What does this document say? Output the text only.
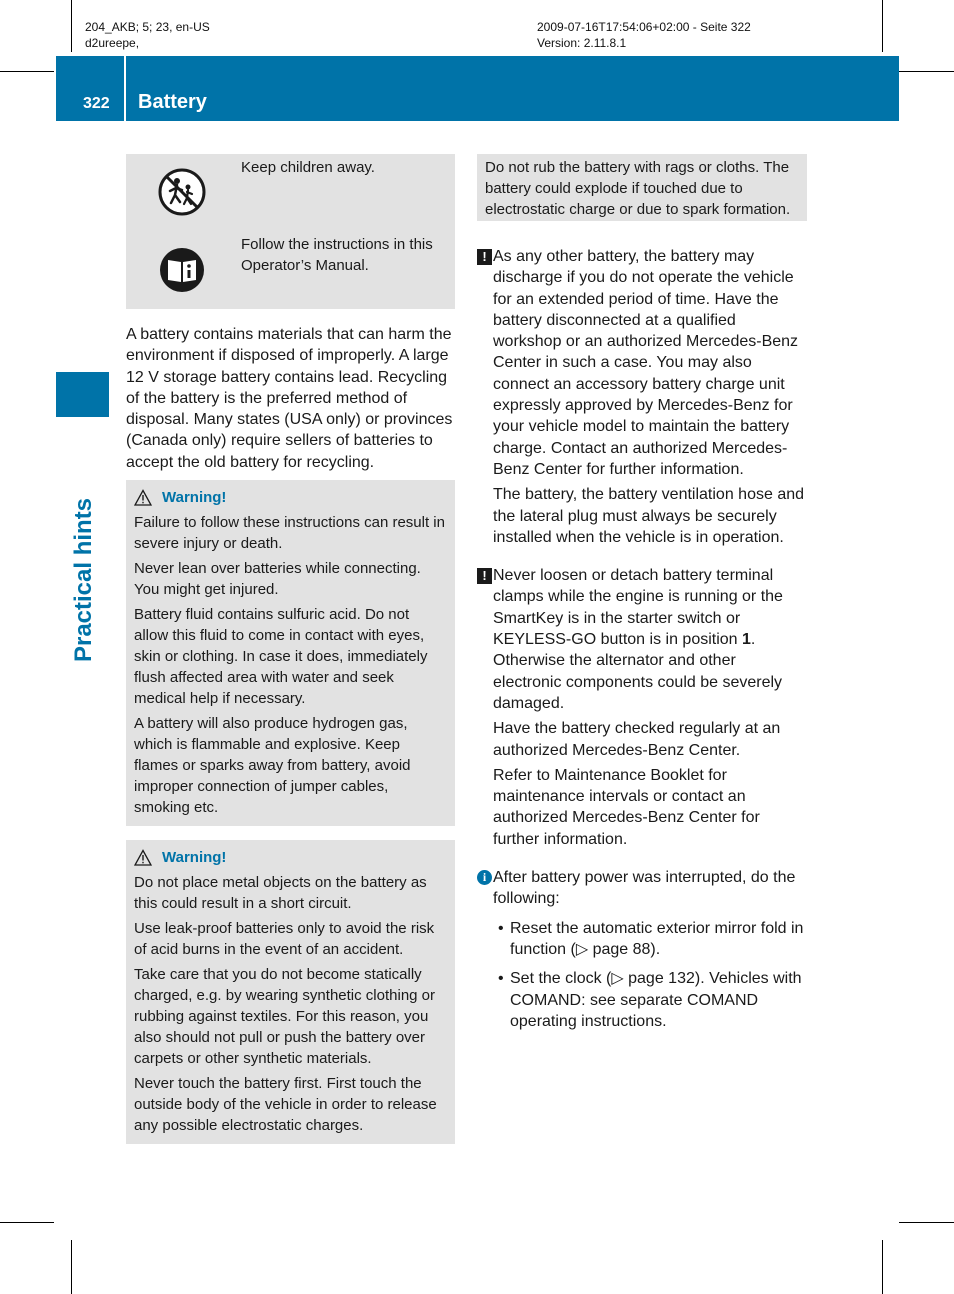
204_AKB; 5; 23, en-US
d2ureepe,
2009-07-16T17:54:06+02:00 - Seite 322
Version: 2.11.8.1
322 Battery
Practical hints
Keep children away.
Follow the instructions in this Operator’s Manual.

A battery contains materials that can harm the environment if disposed of improperly. A large 12 V storage battery contains lead. Recycling of the battery is the preferred method of disposal. Many states (USA only) or provinces (Canada only) require sellers of batteries to accept the old battery for recycling.

Warning!

Failure to follow these instructions can result in severe injury or death.

Never lean over batteries while connecting. You might get injured.

Battery fluid contains sulfuric acid. Do not allow this fluid to come in contact with eyes, skin or clothing. In case it does, immediately flush affected area with water and seek medical help if necessary.

A battery will also produce hydrogen gas, which is flammable and explosive. Keep flames or sparks away from battery, avoid improper connection of jumper cables, smoking etc.

Warning!

Do not place metal objects on the battery as this could result in a short circuit.

Use leak-proof batteries only to avoid the risk of acid burns in the event of an accident.

Take care that you do not become statically charged, e.g. by wearing synthetic clothing or rubbing against textiles. For this reason, you also should not pull or push the battery over carpets or other synthetic materials.

Never touch the battery first. First touch the outside body of the vehicle in order to release any possible electrostatic charges.

Do not rub the battery with rags or cloths. The battery could explode if touched due to electrostatic charge or due to spark formation.

! As any other battery, the battery may discharge if you do not operate the vehicle for an extended period of time. Have the battery disconnected at a qualified workshop or an authorized Mercedes-Benz Center in such a case. You may also connect an accessory battery charge unit expressly approved by Mercedes-Benz for your vehicle model to maintain the battery charge. Contact an authorized Mercedes-Benz Center for further information.

The battery, the battery ventilation hose and the lateral plug must always be securely installed when the vehicle is in operation.

! Never loosen or detach battery terminal clamps while the engine is running or the SmartKey is in the starter switch or KEYLESS-GO button is in position 1. Otherwise the alternator and other electronic components could be severely damaged.

Have the battery checked regularly at an authorized Mercedes-Benz Center.

Refer to Maintenance Booklet for maintenance intervals or contact an authorized Mercedes-Benz Center for further information.

i After battery power was interrupted, do the following:

• Reset the automatic exterior mirror fold in function (▷ page 88).
• Set the clock (▷ page 132). Vehicles with COMAND: see separate COMAND operating instructions.
